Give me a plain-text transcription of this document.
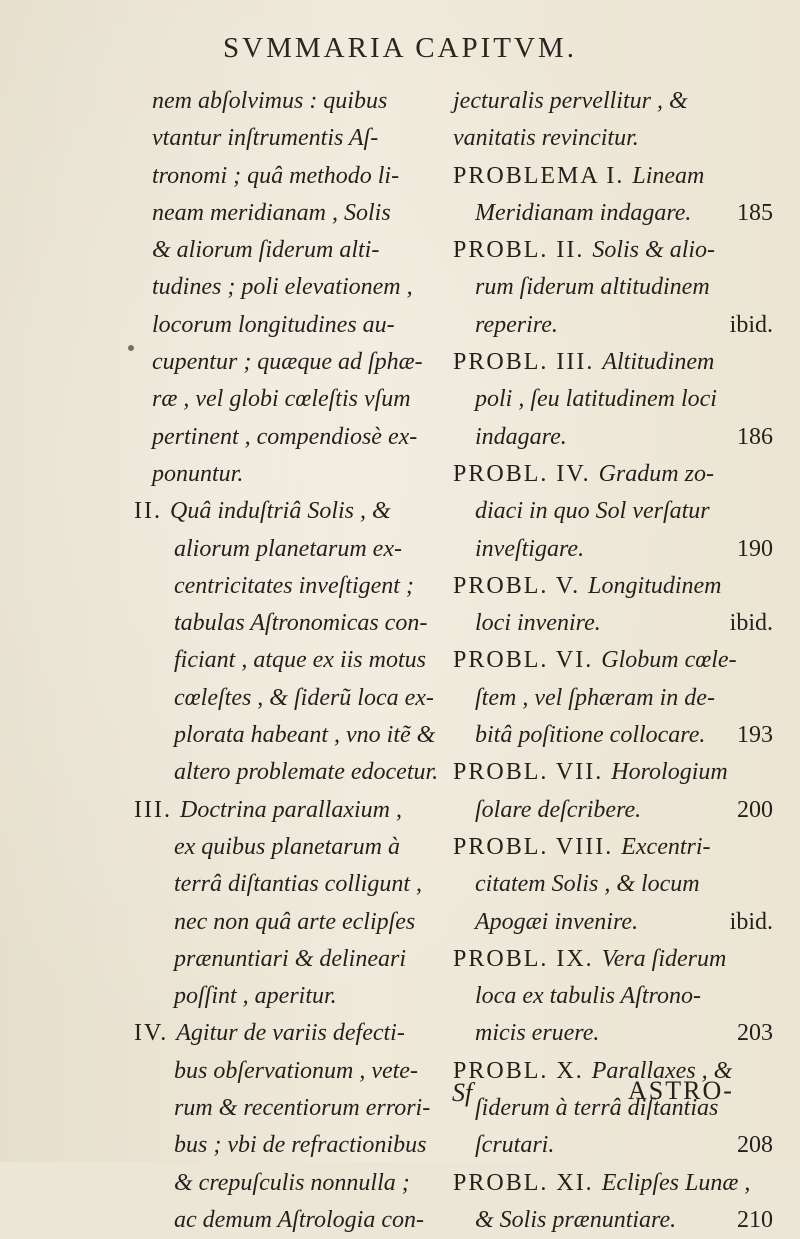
SVMMARIA CAPITVM.
nem abſolvimus : quibus
vtantur inſtrumentis Aſ-
tronomi ; quâ methodo li-
neam meridianam , Solis
& aliorum ſiderum alti-
tudines ; poli elevationem ,
locorum longitudines au-
cupentur ; quæque ad ſphæ-
ræ , vel globi cœleſtis vſum
pertinent , compendiosè ex-
ponuntur.
II. Quâ induſtriâ Solis , &
aliorum planetarum ex-
centricitates inveſtigent ;
tabulas Aſtronomicas con-
ficiant , atque ex iis motus
cœleſtes , & ſiderũ loca ex-
plorata habeant , vno itẽ &
altero problemate edocetur.
III. Doctrina parallaxium ,
ex quibus planetarum à
terrâ diſtantias colligunt ,
nec non quâ arte eclipſes
prænuntiari & delineari
poſſint , aperitur.
IV. Agitur de variis defecti-
bus obſervationum , vete-
rum & recentiorum errori-
bus ; vbi de refractionibus
& crepuſculis nonnulla ;
ac demum Aſtrologia con-
jecturalis pervellitur , &
vanitatis revincitur.
PROBLEMA I. Lineam
Meridianam indagare. 185
PROBL. II. Solis & alio-
rum ſiderum altitudinem
reperire.	ibid.
PROBL. III. Altitudinem
poli , ſeu latitudinem loci
indagare.	186
PROBL. IV. Gradum zo-
diaci in quo Sol verſatur
inveſtigare.	190
PROBL. V. Longitudinem
loci invenire.	ibid.
PROBL. VI. Globum cœle-
ſtem , vel ſphæram in de-
bitâ poſitione collocare. 193
PROBL. VII. Horologium
ſolare deſcribere.	200
PROBL. VIII. Excentri-
citatem Solis , & locum
Apogæi invenire.	ibid.
PROBL. IX. Vera ſiderum
loca ex tabulis Aſtrono-
micis eruere.	203
PROBL. X. Parallaxes , &
ſiderum à terrâ diſtantias
ſcrutari.	208
PROBL. XI. Eclipſes Lunæ ,
& Solis prænuntiare.	210
Sf	ASTRO-
